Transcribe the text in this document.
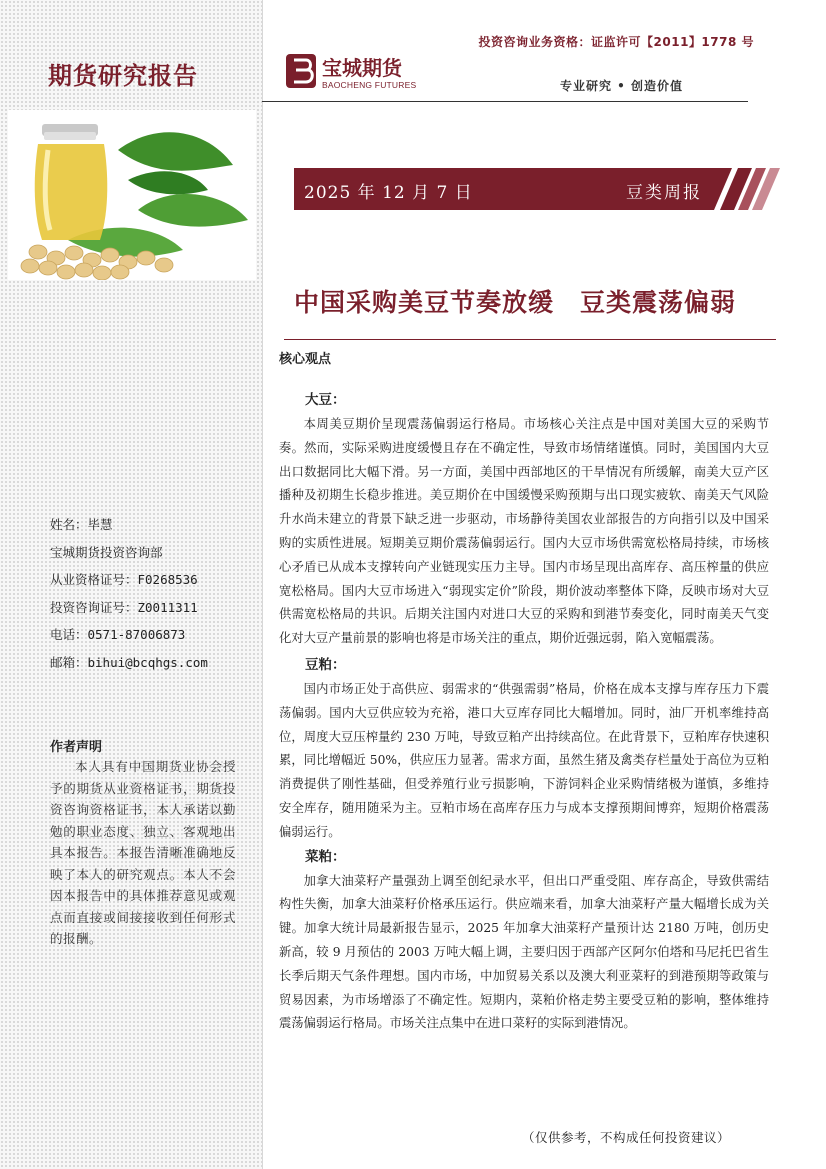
期货研究报告
姓名：毕慧
宝城期货投资咨询部
从业资格证号：F0268536
投资咨询证号：Z0011311
电话：0571-87006873
邮箱：bihui@bcqhgs.com
作者声明
本人具有中国期货业协会授予的期货从业资格证书，期货投资咨询资格证书，本人承诺以勤勉的职业态度、独立、客观地出具本报告。本报告清晰准确地反映了本人的研究观点。本人不会因本报告中的具体推荐意见或观点而直接或间接接收到任何形式的报酬。
投资咨询业务资格：证监许可【2011】1778 号
宝城期货
BAOCHENG FUTURES	专业研究 • 创造价值
2025 年 12 月 7 日	豆类周报
中国采购美豆节奏放缓　豆类震荡偏弱
核心观点
大豆：
本周美豆期价呈现震荡偏弱运行格局。市场核心关注点是中国对美国大豆的采购节奏。然而，实际采购进度缓慢且存在不确定性，导致市场情绪谨慎。同时，美国国内大豆出口数据同比大幅下滑。另一方面，美国中西部地区的干旱情况有所缓解，南美大豆产区播种及初期生长稳步推进。美豆期价在中国缓慢采购预期与出口现实疲软、南美天气风险升水尚未建立的背景下缺乏进一步驱动，市场静待美国农业部报告的方向指引以及中国采购的实质性进展。短期美豆期价震荡偏弱运行。国内大豆市场供需宽松格局持续，市场核心矛盾已从成本支撑转向产业链现实压力主导。国内市场呈现出高库存、高压榨量的供应宽松格局。国内大豆市场进入“弱现实定价”阶段，期价波动率整体下降，反映市场对大豆供需宽松格局的共识。后期关注国内对进口大豆的采购和到港节奏变化，同时南美天气变化对大豆产量前景的影响也将是市场关注的重点，期价近强远弱，陷入宽幅震荡。
豆粕：
国内市场正处于高供应、弱需求的“供强需弱”格局，价格在成本支撑与库存压力下震荡偏弱。国内大豆供应较为充裕，港口大豆库存同比大幅增加。同时，油厂开机率维持高位，周度大豆压榨量约 230 万吨，导致豆粕产出持续高位。在此背景下，豆粕库存快速积累，同比增幅近 50%，供应压力显著。需求方面，虽然生猪及禽类存栏量处于高位为豆粕消费提供了刚性基础，但受养殖行业亏损影响，下游饲料企业采购情绪极为谨慎，多维持安全库存，随用随采为主。豆粕市场在高库存压力与成本支撑预期间博弈，短期价格震荡偏弱运行。
菜粕：
加拿大油菜籽产量强劲上调至创纪录水平，但出口严重受阻、库存高企，导致供需结构性失衡，加拿大油菜籽价格承压运行。供应端来看，加拿大油菜籽产量大幅增长成为关键。加拿大统计局最新报告显示，2025 年加拿大油菜籽产量预计达 2180 万吨，创历史新高，较 9 月预估的 2003 万吨大幅上调，主要归因于西部产区阿尔伯塔和马尼托巴省生长季后期天气条件理想。国内市场，中加贸易关系以及澳大利亚菜籽的到港预期等政策与贸易因素，为市场增添了不确定性。短期内，菜粕价格走势主要受豆粕的影响，整体维持震荡偏弱运行格局。市场关注点集中在进口菜籽的实际到港情况。
（仅供参考，不构成任何投资建议）
